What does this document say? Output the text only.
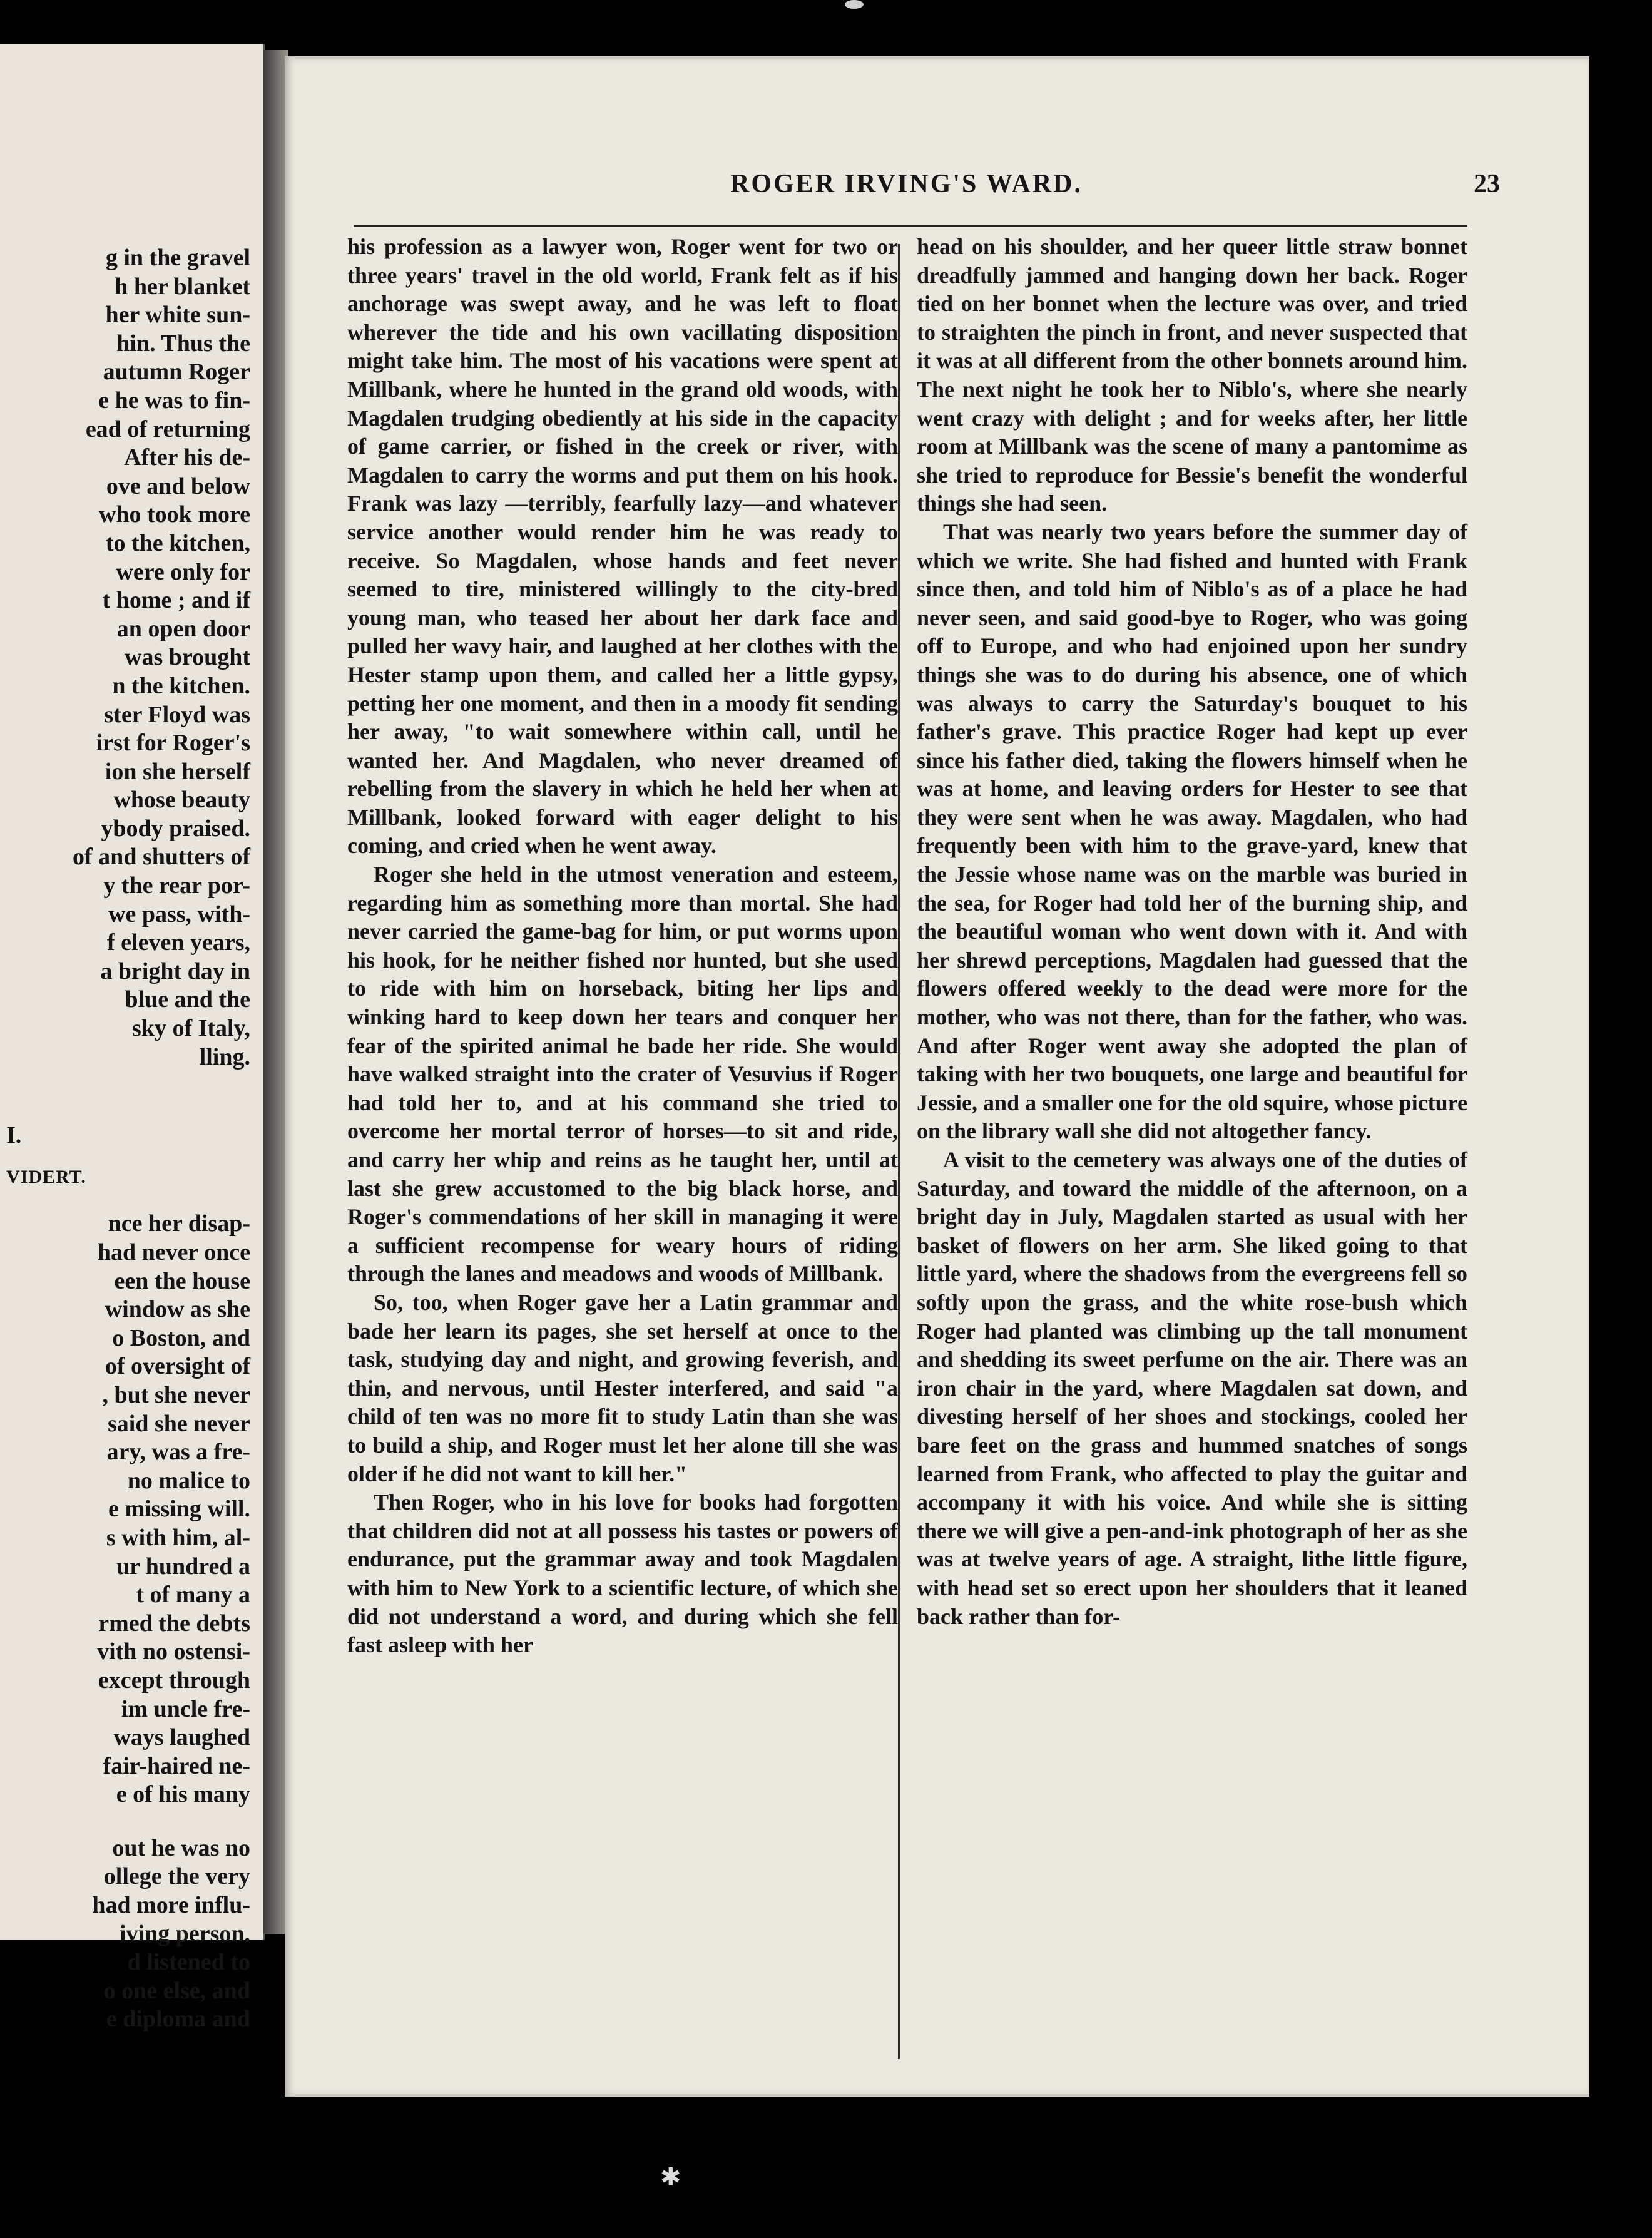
g in the gravel
h her blanket
her white sun-
hin. Thus the
autumn Roger
e he was to fin-
ead of returning
After his de-
ove and below
who took more
to the kitchen,
were only for
t home ; and if
an open door
was brought
n the kitchen.
ster Floyd was
irst for Roger's
ion she herself
whose beauty
ybody praised.
of and shutters of
y the rear por-
we pass, with-
f eleven years,
a bright day in
blue and the
sky of Italy,
lling.
I.
VIDERT.
nce her disap-
had never once
een the house
window as she
o Boston, and
of oversight of
, but she never
said she never
ary, was a fre-
no malice to
e missing will.
s with him, al-
ur hundred a
t of many a
rmed the debts
vith no ostensi-
except through
im uncle fre-
ways laughed
fair-haired ne-
e of his many
out he was no
ollege the very
had more influ-
iving person.
d listened to
o one else, and
e diploma and
ROGER IRVING'S WARD.	23

his profession as a lawyer won, Roger went for two or three years' travel in the old world, Frank felt as if his anchorage was swept away, and he was left to float wherever the tide and his own vacillating disposition might take him. The most of his vacations were spent at Millbank, where he hunted in the grand old woods, with Magdalen trudging obediently at his side in the capacity of game carrier, or fished in the creek or river, with Magdalen to carry the worms and put them on his hook. Frank was lazy —terribly, fearfully lazy—and whatever service another would render him he was ready to receive. So Magdalen, whose hands and feet never seemed to tire, ministered willingly to the city-bred young man, who teased her about her dark face and pulled her wavy hair, and laughed at her clothes with the Hester stamp upon them, and called her a little gypsy, petting her one moment, and then in a moody fit sending her away, "to wait somewhere within call, until he wanted her. And Magdalen, who never dreamed of rebelling from the slavery in which he held her when at Millbank, looked forward with eager delight to his coming, and cried when he went away.

Roger she held in the utmost veneration and esteem, regarding him as something more than mortal. She had never carried the game-bag for him, or put worms upon his hook, for he neither fished nor hunted, but she used to ride with him on horseback, biting her lips and winking hard to keep down her tears and conquer her fear of the spirited animal he bade her ride. She would have walked straight into the crater of Vesuvius if Roger had told her to, and at his command she tried to overcome her mortal terror of horses—to sit and ride, and carry her whip and reins as he taught her, until at last she grew accustomed to the big black horse, and Roger's commendations of her skill in managing it were a sufficient recompense for weary hours of riding through the lanes and meadows and woods of Millbank.

So, too, when Roger gave her a Latin grammar and bade her learn its pages, she set herself at once to the task, studying day and night, and growing feverish, and thin, and nervous, until Hester interfered, and said "a child of ten was no more fit to study Latin than she was to build a ship, and Roger must let her alone till she was older if he did not want to kill her."

Then Roger, who in his love for books had forgotten that children did not at all possess his tastes or powers of endurance, put the grammar away and took Magdalen with him to New York to a scientific lecture, of which she did not understand a word, and during which she fell fast asleep with her

head on his shoulder, and her queer little straw bonnet dreadfully jammed and hanging down her back. Roger tied on her bonnet when the lecture was over, and tried to straighten the pinch in front, and never suspected that it was at all different from the other bonnets around him. The next night he took her to Niblo's, where she nearly went crazy with delight ; and for weeks after, her little room at Millbank was the scene of many a pantomime as she tried to reproduce for Bessie's benefit the wonderful things she had seen.

That was nearly two years before the summer day of which we write. She had fished and hunted with Frank since then, and told him of Niblo's as of a place he had never seen, and said good-bye to Roger, who was going off to Europe, and who had enjoined upon her sundry things she was to do during his absence, one of which was always to carry the Saturday's bouquet to his father's grave. This practice Roger had kept up ever since his father died, taking the flowers himself when he was at home, and leaving orders for Hester to see that they were sent when he was away. Magdalen, who had frequently been with him to the grave-yard, knew that the Jessie whose name was on the marble was buried in the sea, for Roger had told her of the burning ship, and the beautiful woman who went down with it. And with her shrewd perceptions, Magdalen had guessed that the flowers offered weekly to the dead were more for the mother, who was not there, than for the father, who was. And after Roger went away she adopted the plan of taking with her two bouquets, one large and beautiful for Jessie, and a smaller one for the old squire, whose picture on the library wall she did not altogether fancy.

A visit to the cemetery was always one of the duties of Saturday, and toward the middle of the afternoon, on a bright day in July, Magdalen started as usual with her basket of flowers on her arm. She liked going to that little yard, where the shadows from the evergreens fell so softly upon the grass, and the white rose-bush which Roger had planted was climbing up the tall monument and shedding its sweet perfume on the air. There was an iron chair in the yard, where Magdalen sat down, and divesting herself of her shoes and stockings, cooled her bare feet on the grass and hummed snatches of songs learned from Frank, who affected to play the guitar and accompany it with his voice. And while she is sitting there we will give a pen-and-ink photograph of her as she was at twelve years of age. A straight, lithe little figure, with head set so erect upon her shoulders that it leaned back rather than for-

✱
